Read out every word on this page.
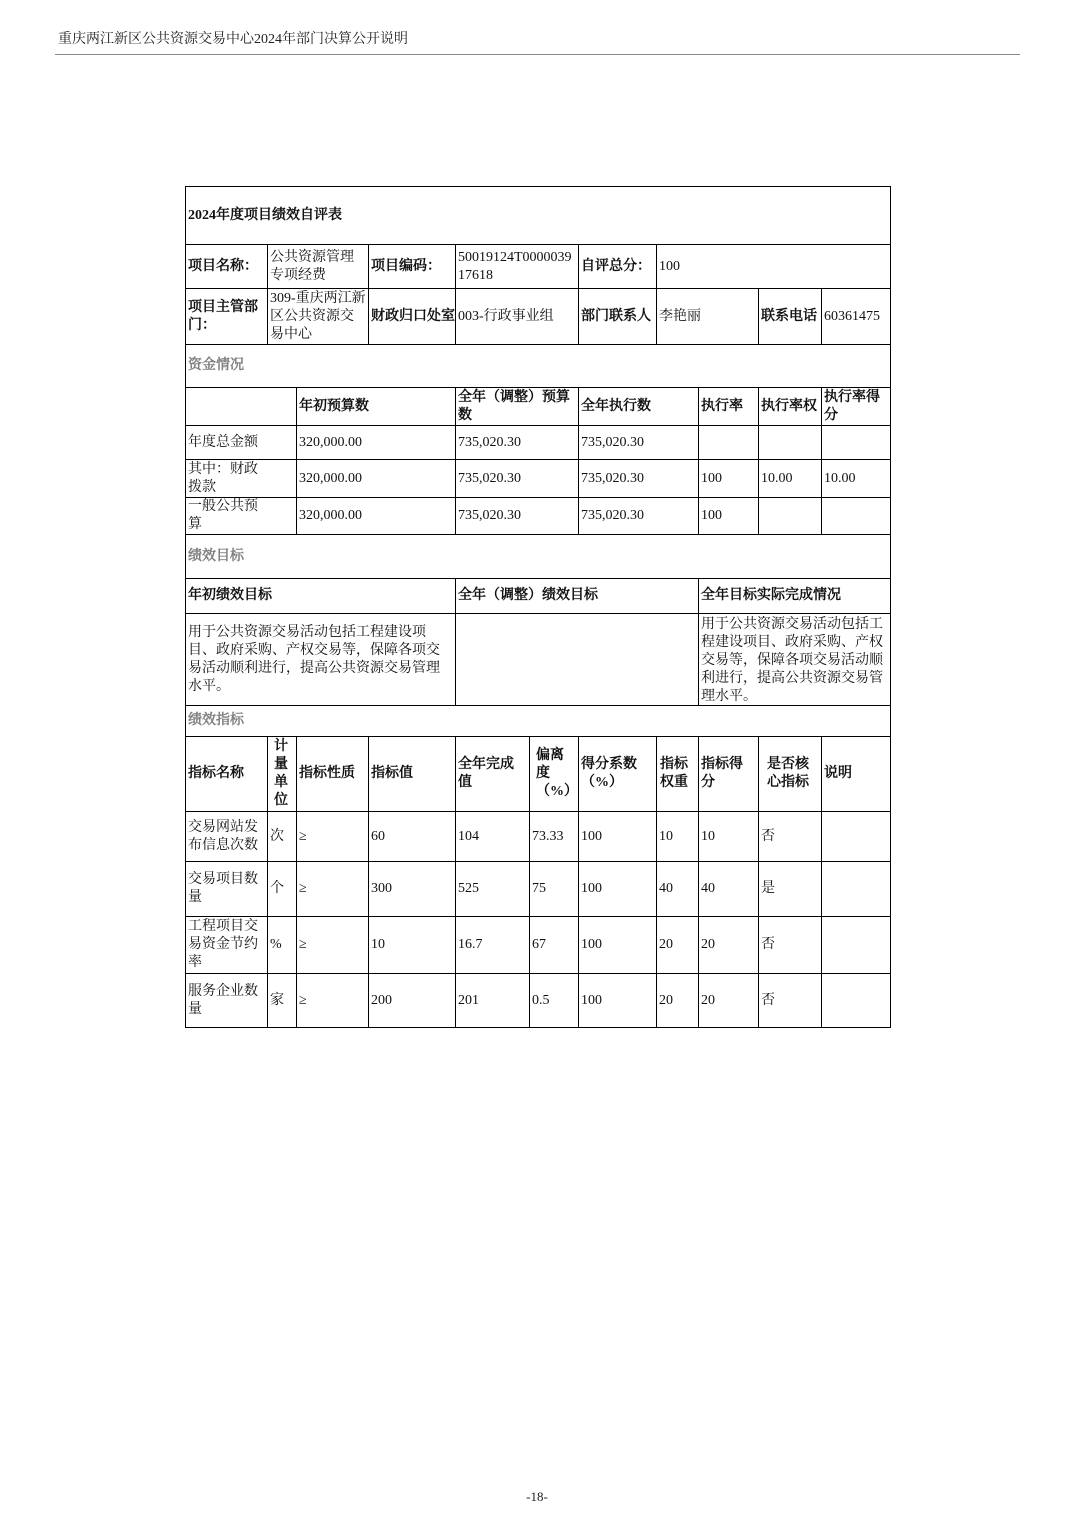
重庆两江新区公共资源交易中心2024年部门决算公开说明
2024年度项目绩效自评表										
项目名称：	公共资源管理专项经费		项目编码：	50019124T000003917618		自评总分：	100			
项目主管部门：	309-重庆两江新区公共资源交易中心		财政归口处室	003-行政事业组		部门联系人	李艳丽		联系电话	60361475
资金情况										
		年初预算数		全年（调整）预算数		全年执行数		执行率	执行率权	执行率得分

年度总金额		320,000.00		735,020.30		735,020.30				

其中：财政拨款		320,000.00		735,020.30		735,020.30		100	10.00	10.00

一般公共预算		320,000.00		735,020.30		735,020.30		100		
绩效目标										
年初绩效目标				全年（调整）绩效目标				全年目标实际完成情况		
用于公共资源交易活动包括工程建设项目、政府采购、产权交易等，保障各项交易活动顺利进行，提高公共资源交易管理水平。								用于公共资源交易活动包括工程建设项目、政府采购、产权交易等，保障各项交易活动顺利进行，提高公共资源交易管理水平。		

绩效指标										
指标名称	计量单位	指标性质	指标值	全年完成值	偏离度（%）	得分系数（%）	指标权重	指标得分	是否核心指标	说明
交易网站发布信息次数	次	≥	60	104	73.33	100	10	10	否	
交易项目数量	个	≥	300	525	75	100	40	40	是	
工程项目交易资金节约率	%	≥	10	16.7	67	100	20	20	否	
服务企业数量	家	≥	200	201	0.5	100	20	20	否	
-18-
